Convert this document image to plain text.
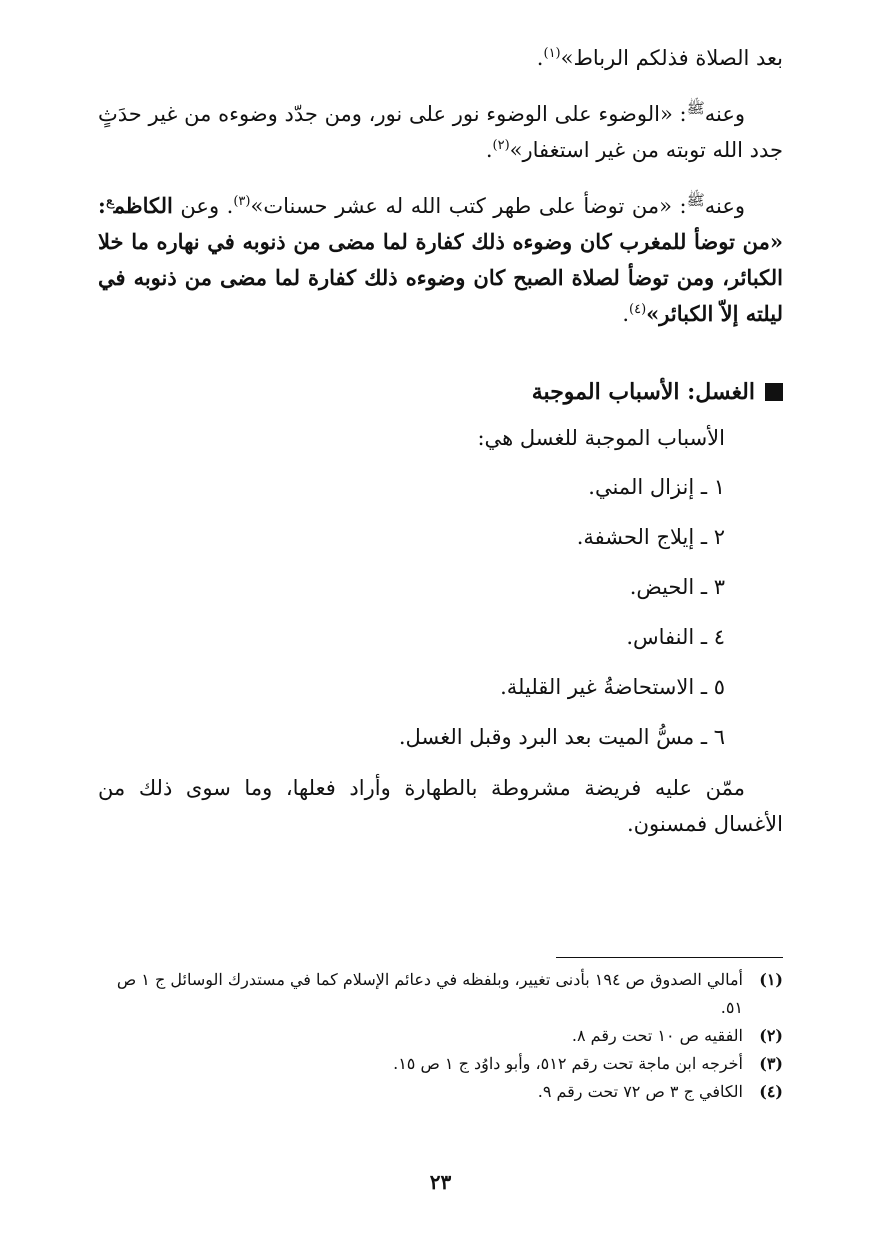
بعد الصلاة فذلكم الرباط»$^{(١)}$.

وعنه$^ﷺ$: «الوضوء على الوضوء نور على نور، ومن جدّد وضوءه من غير حدَثٍ جدد الله توبته من غير استغفار»$^{(٢)}$.

وعنه$^ﷺ$: «من توضأ على طهر كتب الله له عشر حسنات»$^{(٣)}$. وعن الكاظم$^ع$: «من توضأ للمغرب كان وضوءه ذلك كفارة لما مضى من ذنوبه في نهاره ما خلا الكبائر، ومن توضأ لصلاة الصبح كان وضوءه ذلك كفارة لما مضى من ذنوبه في ليلته إلاّ الكبائر»$^{(٤)}$.

الغسل: الأسباب الموجبة

الأسباب الموجبة للغسل هي:

١ ـ إنزال المني.
٢ ـ إيلاج الحشفة.
٣ ـ الحيض.
٤ ـ النفاس.
٥ ـ الاستحاضةُ غير القليلة.
٦ ـ مسُّ الميت بعد البرد وقبل الغسل.

ممّن عليه فريضة مشروطة بالطهارة وأراد فعلها، وما سوى ذلك من الأغسال فمسنون.

(١)
أمالي الصدوق ص ١٩٤ بأدنى تغيير، وبلفظه في دعائم الإسلام كما في مستدرك الوسائل ج ١ ص ٥١.
(٢)
الفقيه ص ١٠ تحت رقم ٨.
(٣)
أخرجه ابن ماجة تحت رقم ٥١٢، وأبو داوُد ج ١ ص ١٥.
(٤)
الكافي ج ٣ ص ٧٢ تحت رقم ٩.
٢٣
